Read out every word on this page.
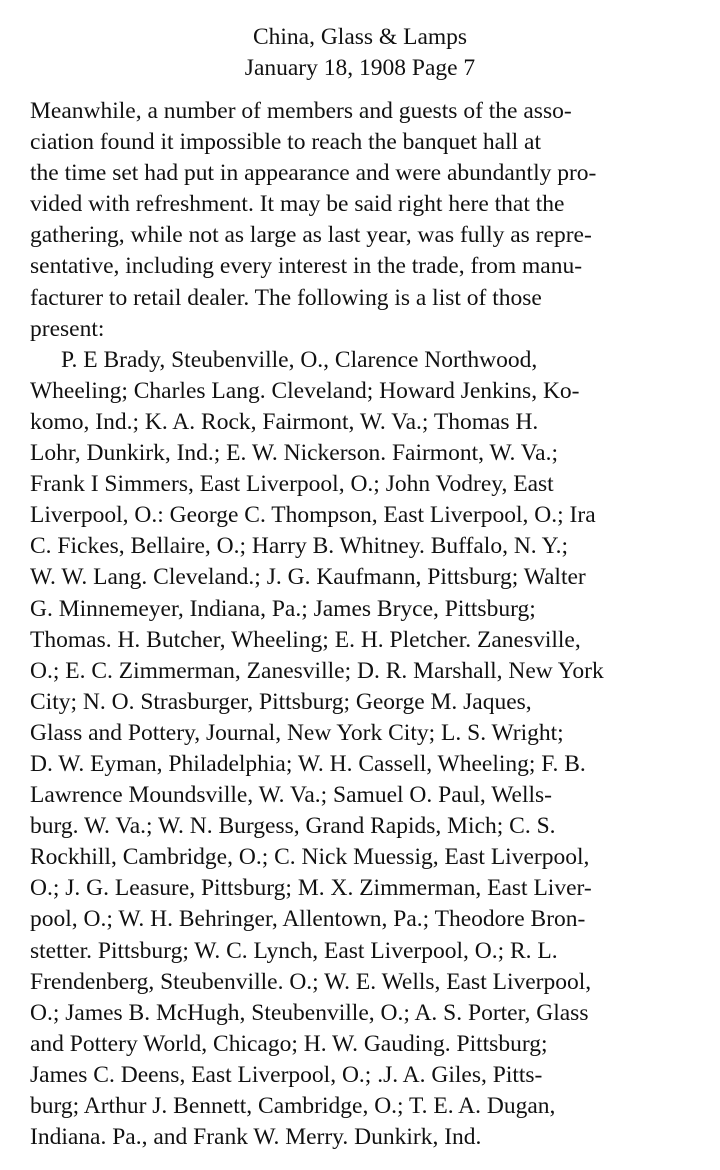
China, Glass & Lamps
January 18, 1908 Page 7
Meanwhile, a number of members and guests of the asso-
ciation found it impossible to reach the banquet hall at
the time set had put in appearance and were abundantly pro-
vided with refreshment. It may be said right here that the
gathering, while not as large as last year, was fully as repre-
sentative, including every interest in the trade, from manu-
facturer to retail dealer. The following is a list of those
present:
P. E Brady, Steubenville, O., Clarence Northwood,
Wheeling; Charles Lang. Cleveland; Howard Jenkins, Ko-
komo, Ind.; K. A. Rock, Fairmont, W. Va.; Thomas H.
Lohr, Dunkirk, Ind.; E. W. Nickerson. Fairmont, W. Va.;
Frank I Simmers, East Liverpool, O.; John Vodrey, East
Liverpool, O.: George C. Thompson, East Liverpool, O.; Ira
C. Fickes, Bellaire, O.; Harry B. Whitney. Buffalo, N. Y.;
W. W. Lang. Cleveland.; J. G. Kaufmann, Pittsburg; Walter
G. Minnemeyer, Indiana, Pa.; James Bryce, Pittsburg;
Thomas. H. Butcher, Wheeling; E. H. Pletcher. Zanesville,
O.; E. C. Zimmerman, Zanesville; D. R. Marshall, New York
City; N. O. Strasburger, Pittsburg; George M. Jaques,
Glass and Pottery, Journal, New York City; L. S. Wright;
D. W. Eyman, Philadelphia; W. H. Cassell, Wheeling; F. B.
Lawrence Moundsville, W. Va.; Samuel O. Paul, Wells-
burg. W. Va.; W. N. Burgess, Grand Rapids, Mich; C. S.
Rockhill, Cambridge, O.; C. Nick Muessig, East Liverpool,
O.; J. G. Leasure, Pittsburg; M. X. Zimmerman, East Liver-
pool, O.; W. H. Behringer, Allentown, Pa.; Theodore Bron-
stetter. Pittsburg; W. C. Lynch, East Liverpool, O.; R. L.
Frendenberg, Steubenville. O.; W. E. Wells, East Liverpool,
O.; James B. McHugh, Steubenville, O.; A. S. Porter, Glass
and Pottery World, Chicago; H. W. Gauding. Pittsburg;
James C. Deens, East Liverpool, O.; .J. A. Giles, Pitts-
burg; Arthur J. Bennett, Cambridge, O.; T. E. A. Dugan,
Indiana. Pa., and Frank W. Merry. Dunkirk, Ind.
